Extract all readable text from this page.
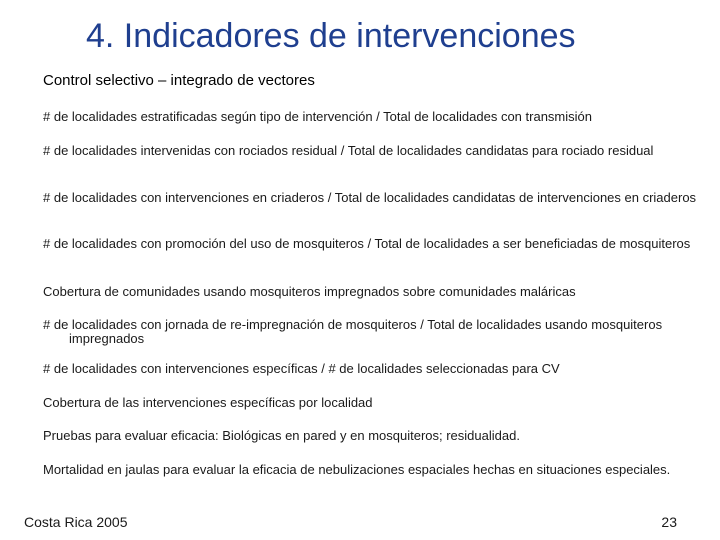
4. Indicadores de intervenciones
Control selectivo – integrado de vectores
# de localidades estratificadas según tipo de intervención / Total de localidades con transmisión
# de localidades intervenidas con rociados residual / Total de localidades candidatas para rociado residual
# de localidades con intervenciones en criaderos / Total de localidades candidatas de intervenciones en criaderos
# de localidades con promoción del uso de mosquiteros / Total de localidades a ser beneficiadas de mosquiteros
Cobertura de comunidades usando mosquiteros impregnados sobre comunidades maláricas
# de localidades con jornada de re-impregnación de mosquiteros / Total de localidades usando mosquiteros impregnados
# de localidades con intervenciones específicas / # de localidades seleccionadas para CV
Cobertura de las intervenciones específicas por localidad
Pruebas para evaluar eficacia: Biológicas en pared y en mosquiteros; residualidad.
Mortalidad en jaulas para evaluar la eficacia de nebulizaciones espaciales hechas en situaciones especiales.
Costa Rica 2005	23
